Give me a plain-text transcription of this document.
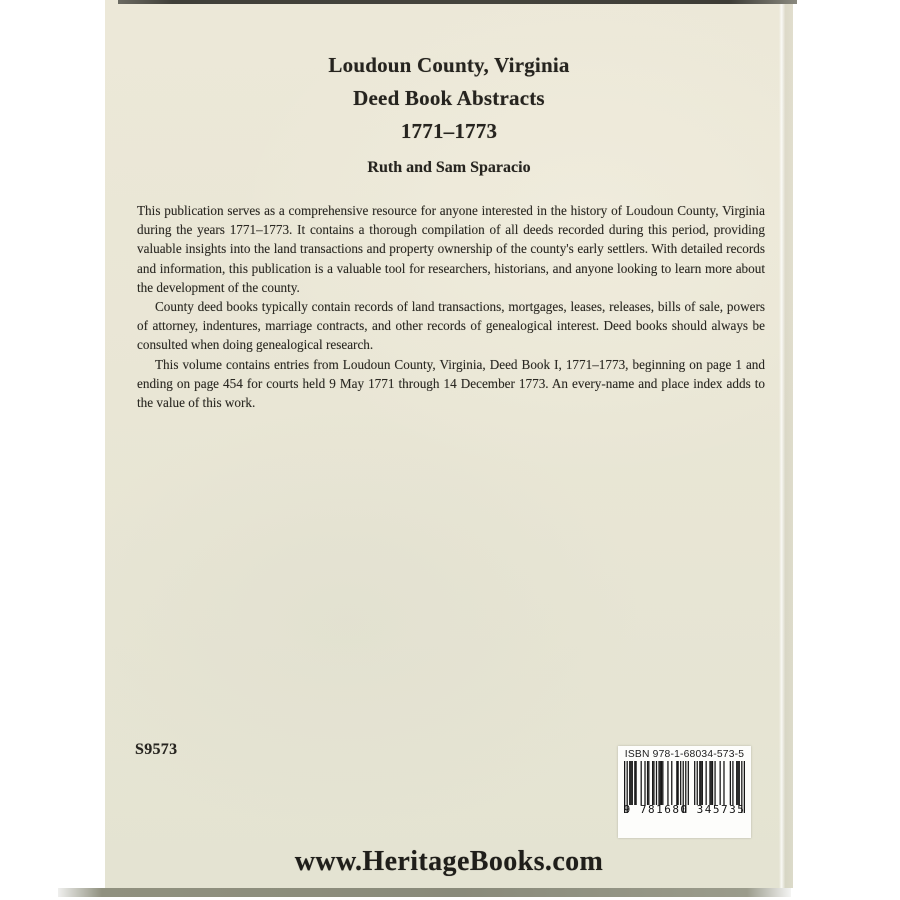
Loudoun County, Virginia
Deed Book Abstracts
1771–1773
Ruth and Sam Sparacio

This publication serves as a comprehensive resource for anyone interested in the history of Loudoun County, Virginia during the years 1771–1773. It contains a thorough compilation of all deeds recorded during this period, providing valuable insights into the land transactions and property ownership of the county's early settlers. With detailed records and information, this publication is a valuable tool for researchers, historians, and anyone looking to learn more about the development of the county.

County deed books typically contain records of land transactions, mortgages, leases, releases, bills of sale, powers of attorney, indentures, marriage contracts, and other records of genealogical interest. Deed books should always be consulted when doing genealogical research.

This volume contains entries from Loudoun County, Virginia, Deed Book I, 1771–1773, beginning on page 1 and ending on page 454 for courts held 9 May 1771 through 14 December 1773. An every-name and place index adds to the value of this work.

S9573	ISBN 978-1-68034-573-5
9 781680 345735
www.HeritageBooks.com
